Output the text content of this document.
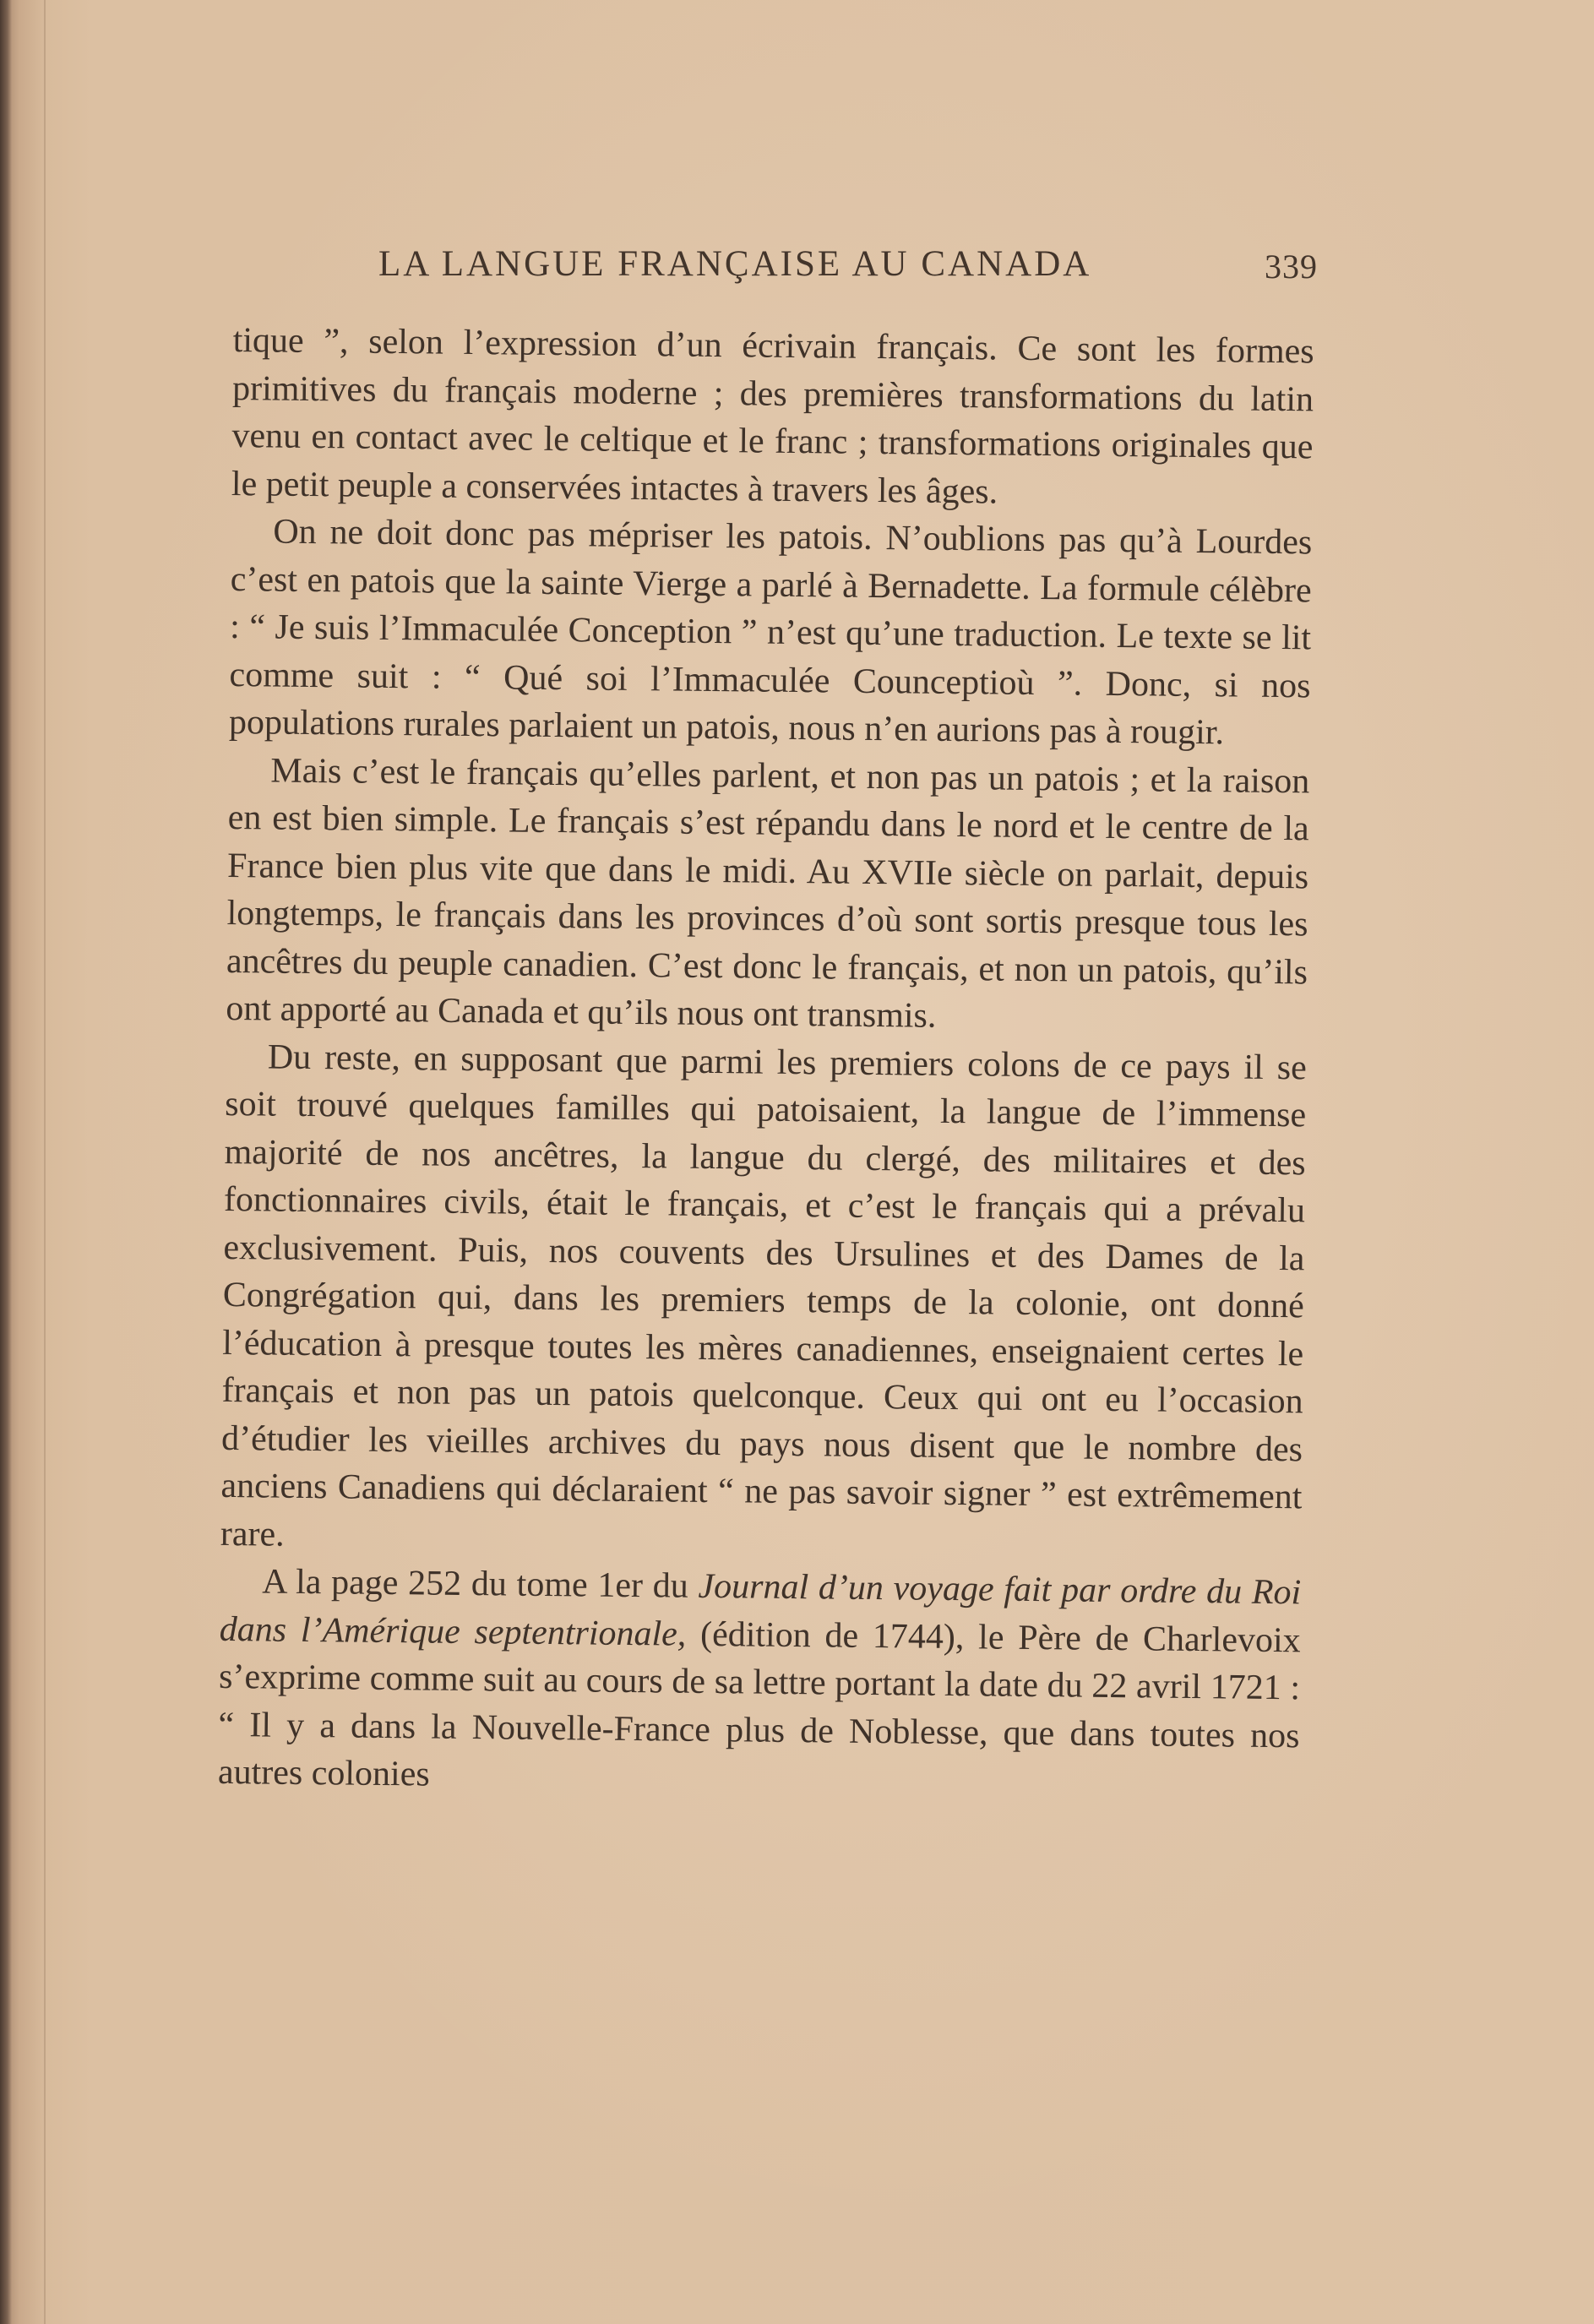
LA LANGUE FRANÇAISE AU CANADA	339

tique ”, selon l’expression d’un écrivain français. Ce sont les formes primitives du français moderne ; des premières transformations du latin venu en contact avec le celtique et le franc ; transformations originales que le petit peuple a conservées intactes à travers les âges.

On ne doit donc pas mépriser les patois. N’oublions pas qu’à Lourdes c’est en patois que la sainte Vierge a parlé à Bernadette. La formule célèbre : “ Je suis l’Immaculée Conception ” n’est qu’une traduction. Le texte se lit comme suit : “ Qué soi l’Immaculée Counceptioù ”. Donc, si nos populations rurales parlaient un patois, nous n’en aurions pas à rougir.

Mais c’est le français qu’elles parlent, et non pas un patois ; et la raison en est bien simple. Le français s’est répandu dans le nord et le centre de la France bien plus vite que dans le midi. Au XVIIe siècle on parlait, depuis longtemps, le français dans les provinces d’où sont sortis presque tous les ancêtres du peuple canadien. C’est donc le français, et non un patois, qu’ils ont apporté au Canada et qu’ils nous ont transmis.

Du reste, en supposant que parmi les premiers colons de ce pays il se soit trouvé quelques familles qui patoisaient, la langue de l’immense majorité de nos ancêtres, la langue du clergé, des militaires et des fonctionnaires civils, était le français, et c’est le français qui a prévalu exclusivement. Puis, nos couvents des Ursulines et des Dames de la Congrégation qui, dans les premiers temps de la colonie, ont donné l’éducation à presque toutes les mères canadiennes, enseignaient certes le français et non pas un patois quelconque. Ceux qui ont eu l’occasion d’étudier les vieilles archives du pays nous disent que le nombre des anciens Canadiens qui déclaraient “ ne pas savoir signer ” est extrêmement rare.

A la page 252 du tome 1er du Journal d’un voyage fait par ordre du Roi dans l’Amérique septentrionale, (édition de 1744), le Père de Charlevoix s’exprime comme suit au cours de sa lettre portant la date du 22 avril 1721 : “ Il y a dans la Nouvelle-France plus de Noblesse, que dans toutes nos autres colonies
